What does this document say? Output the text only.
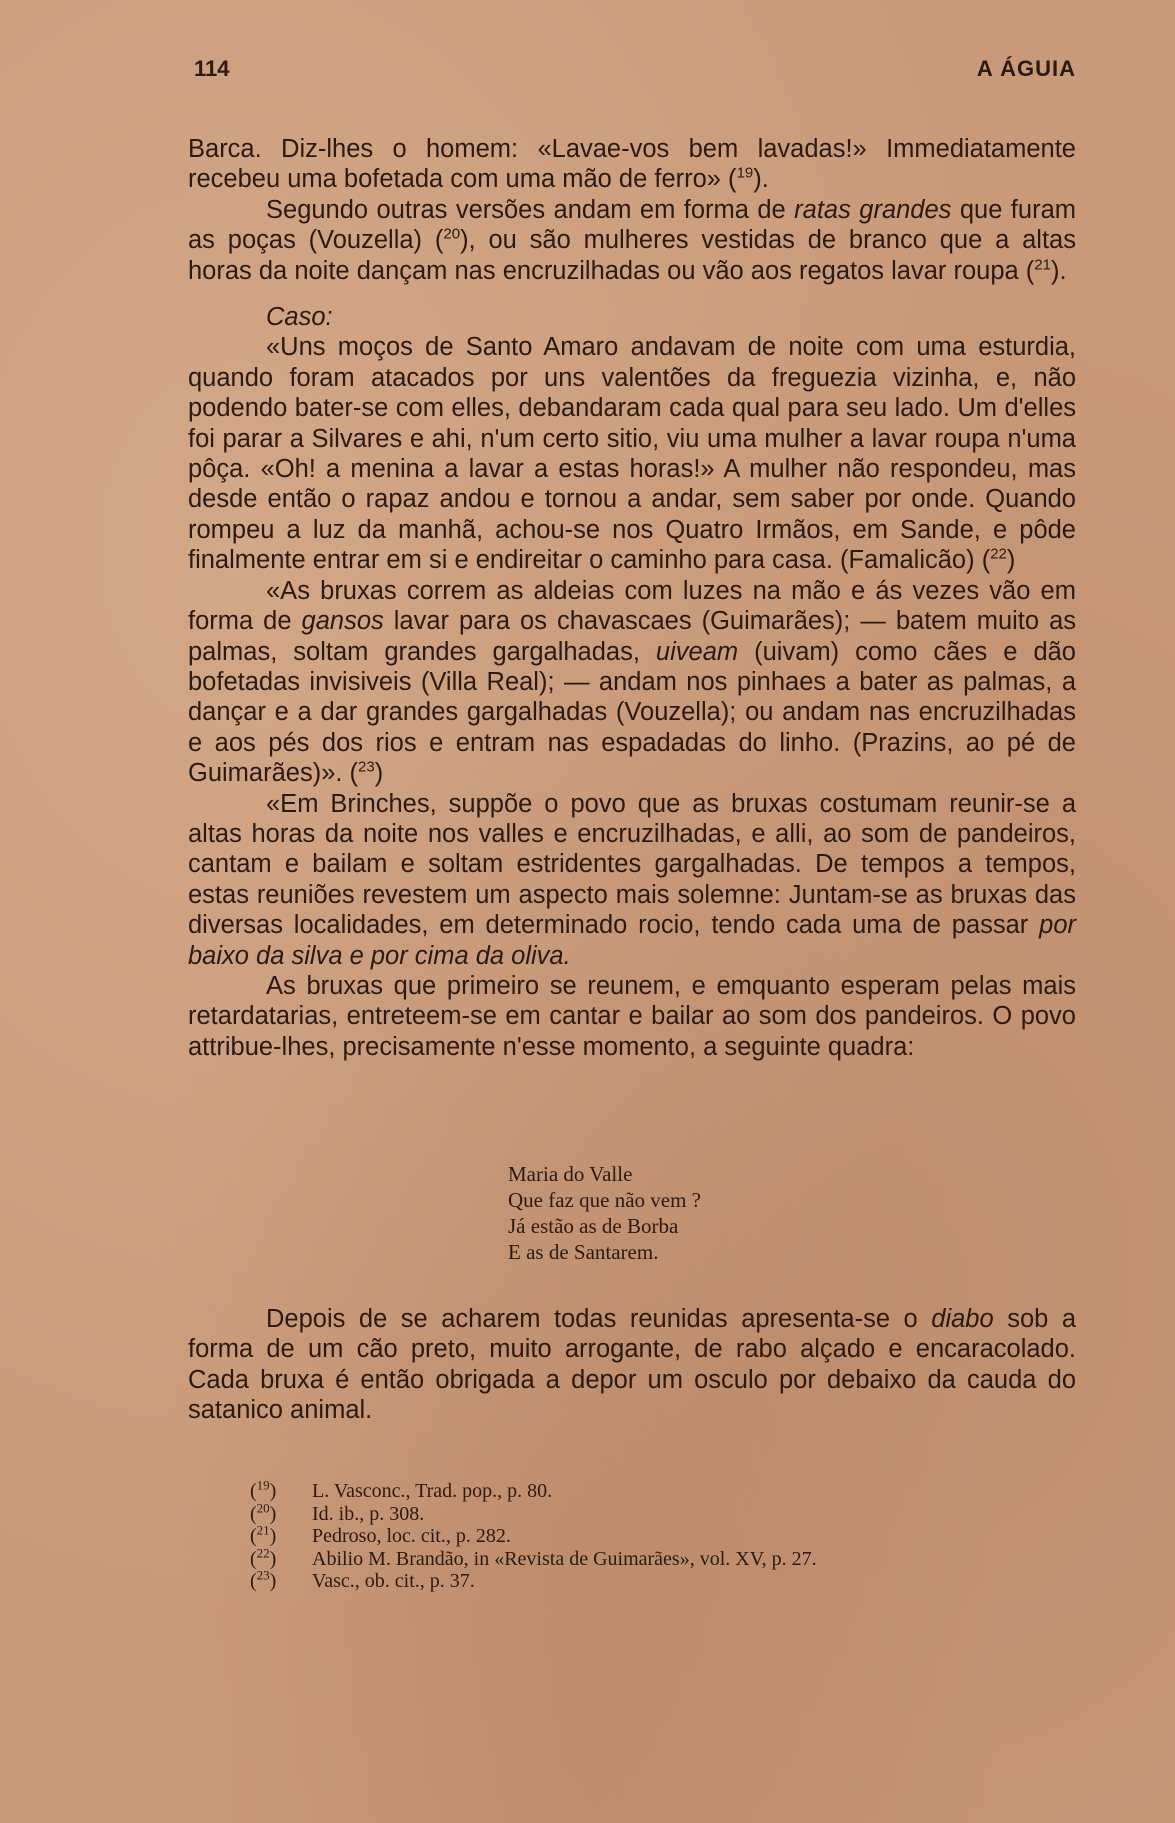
114	A ÁGUIA

Barca. Diz-lhes o homem: «Lavae-vos bem lavadas!» Immediatamente recebeu uma bofetada com uma mão de ferro» ($^{19}$).

Segundo outras versões andam em forma de ratas grandes que furam as poças (Vouzella) ($^{20}$), ou são mulheres vestidas de branco que a altas horas da noite dançam nas encruzilhadas ou vão aos regatos lavar roupa ($^{21}$).

Caso:

«Uns moços de Santo Amaro andavam de noite com uma esturdia, quando foram atacados por uns valentões da freguezia vizinha, e, não podendo bater-se com elles, debandaram cada qual para seu lado. Um d'elles foi parar a Silvares e ahi, n'um certo sitio, viu uma mulher a lavar roupa n'uma pôça. «Oh! a menina a lavar a estas horas!» A mulher não respondeu, mas desde então o rapaz andou e tornou a andar, sem saber por onde. Quando rompeu a luz da manhã, achou-se nos Quatro Irmãos, em Sande, e pôde finalmente entrar em si e endireitar o caminho para casa. (Famalicão) ($^{22}$)

«As bruxas correm as aldeias com luzes na mão e ás vezes vão em forma de gansos lavar para os chavascaes (Guimarães); — batem muito as palmas, soltam grandes gargalhadas, uiveam (uivam) como cães e dão bofetadas invisiveis (Villa Real); — andam nos pinhaes a bater as palmas, a dançar e a dar grandes gargalhadas (Vouzella); ou andam nas encruzilhadas e aos pés dos rios e entram nas espadadas do linho. (Prazins, ao pé de Guimarães)». ($^{23}$)

«Em Brinches, suppõe o povo que as bruxas costumam reunir-se a altas horas da noite nos valles e encruzilhadas, e alli, ao som de pandeiros, cantam e bailam e soltam estridentes gargalhadas. De tempos a tempos, estas reuniões revestem um aspecto mais solemne: Juntam-se as bruxas das diversas localidades, em determinado rocio, tendo cada uma de passar por baixo da silva e por cima da oliva.

As bruxas que primeiro se reunem, e emquanto esperam pelas mais retardatarias, entreteem-se em cantar e bailar ao som dos pandeiros. O povo attribue-lhes, precisamente n'esse momento, a seguinte quadra:

Maria do Valle
Que faz que não vem ?
Já estão as de Borba
E as de Santarem.

Depois de se acharem todas reunidas apresenta-se o diabo sob a forma de um cão preto, muito arrogante, de rabo alçado e encaracolado. Cada bruxa é então obrigada a depor um osculo por debaixo da cauda do satanico animal.

($^{19}$) L. Vasconc., Trad. pop., p. 80.
($^{20}$) Id. ib., p. 308.
($^{21}$) Pedroso, loc. cit., p. 282.
($^{22}$) Abilio M. Brandão, in «Revista de Guimarães», vol. XV, p. 27.
($^{23}$) Vasc., ob. cit., p. 37.
